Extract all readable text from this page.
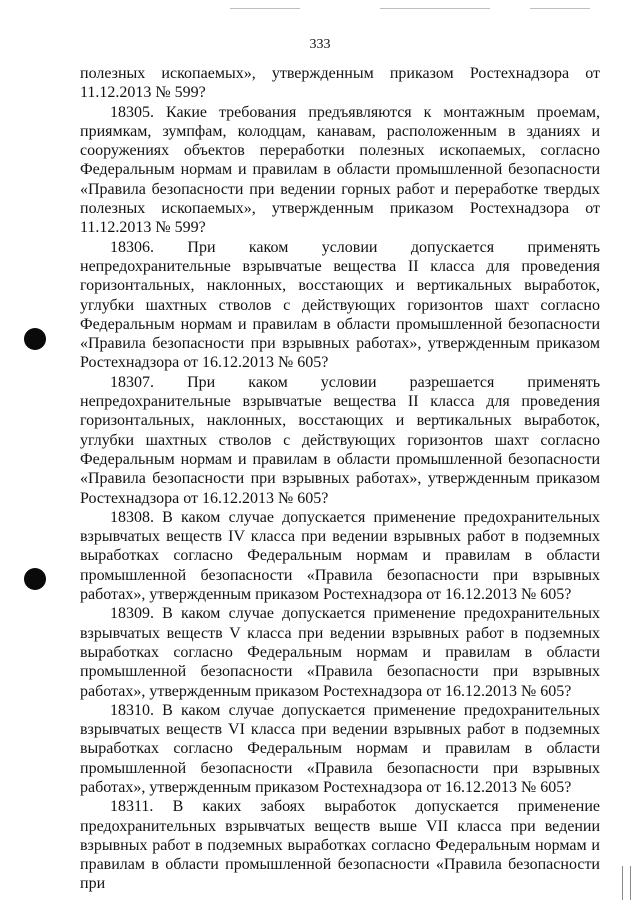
333

полезных ископаемых», утвержденным приказом Ростехнадзора от 11.12.2013 № 599?

18305. Какие требования предъявляются к монтажным проемам, приямкам, зумпфам, колодцам, канавам, расположенным в зданиях и сооружениях объектов переработки полезных ископаемых, согласно Федеральным нормам и правилам в области промышленной безопасности «Правила безопасности при ведении горных работ и переработке твердых полезных ископаемых», утвержденным приказом Ростехнадзора от 11.12.2013 № 599?

18306. При каком условии допускается применять непредохранительные взрывчатые вещества II класса для проведения горизонтальных, наклонных, восстающих и вертикальных выработок, углубки шахтных стволов с действующих горизонтов шахт согласно Федеральным нормам и правилам в области промышленной безопасности «Правила безопасности при взрывных работах», утвержденным приказом Ростехнадзора от 16.12.2013 № 605?

18307. При каком условии разрешается применять непредохранительные взрывчатые вещества II класса для проведения горизонтальных, наклонных, восстающих и вертикальных выработок, углубки шахтных стволов с действующих горизонтов шахт согласно Федеральным нормам и правилам в области промышленной безопасности «Правила безопасности при взрывных работах», утвержденным приказом Ростехнадзора от 16.12.2013 № 605?

18308. В каком случае допускается применение предохранительных взрывчатых веществ IV класса при ведении взрывных работ в подземных выработках согласно Федеральным нормам и правилам в области промышленной безопасности «Правила безопасности при взрывных работах», утвержденным приказом Ростехнадзора от 16.12.2013 № 605?

18309. В каком случае допускается применение предохранительных взрывчатых веществ V класса при ведении взрывных работ в подземных выработках согласно Федеральным нормам и правилам в области промышленной безопасности «Правила безопасности при взрывных работах», утвержденным приказом Ростехнадзора от 16.12.2013 № 605?

18310. В каком случае допускается применение предохранительных взрывчатых веществ VI класса при ведении взрывных работ в подземных выработках согласно Федеральным нормам и правилам в области промышленной безопасности «Правила безопасности при взрывных работах», утвержденным приказом Ростехнадзора от 16.12.2013 № 605?

18311. В каких забоях выработок допускается применение предохранительных взрывчатых веществ выше VII класса при ведении взрывных работ в подземных выработках согласно Федеральным нормам и правилам в области промышленной безопасности «Правила безопасности при
